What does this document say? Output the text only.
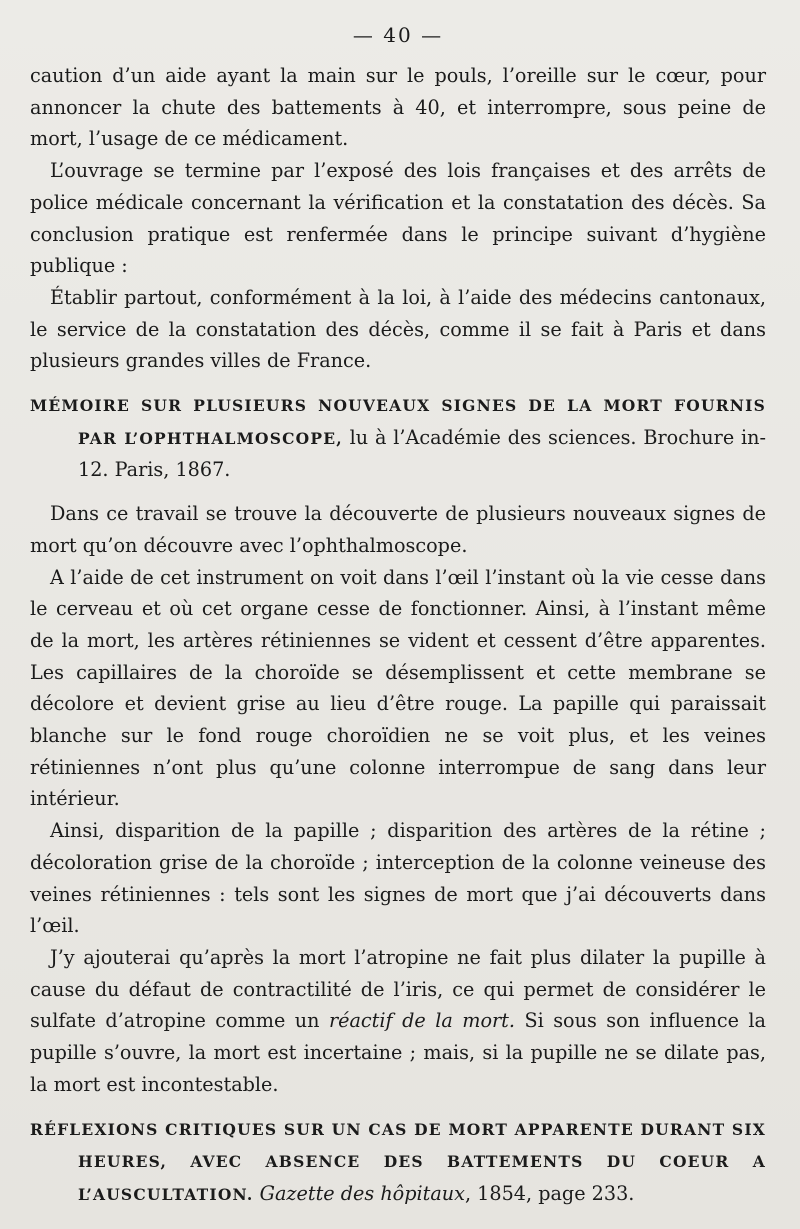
— 40 —

caution d’un aide ayant la main sur le pouls, l’oreille sur le cœur, pour annoncer la chute des battements à 40, et interrompre, sous peine de mort, l’usage de ce médicament.

L’ouvrage se termine par l’exposé des lois françaises et des arrêts de police médicale concernant la vérification et la constatation des décès. Sa conclusion pratique est renfermée dans le principe suivant d’hygiène publique :

Établir partout, conformément à la loi, à l’aide des médecins cantonaux, le service de la constatation des décès, comme il se fait à Paris et dans plusieurs grandes villes de France.

MÉMOIRE SUR PLUSIEURS NOUVEAUX SIGNES DE LA MORT FOURNIS PAR L’OPHTHALMOSCOPE, lu à l’Académie des sciences. Brochure in-12. Paris, 1867.

Dans ce travail se trouve la découverte de plusieurs nouveaux signes de mort qu’on découvre avec l’ophthalmoscope.

A l’aide de cet instrument on voit dans l’œil l’instant où la vie cesse dans le cerveau et où cet organe cesse de fonctionner. Ainsi, à l’instant même de la mort, les artères rétiniennes se vident et cessent d’être apparentes. Les capillaires de la choroïde se désemplissent et cette membrane se décolore et devient grise au lieu d’être rouge. La papille qui paraissait blanche sur le fond rouge choroïdien ne se voit plus, et les veines rétiniennes n’ont plus qu’une colonne interrompue de sang dans leur intérieur.

Ainsi, disparition de la papille ; disparition des artères de la rétine ; décoloration grise de la choroïde ; interception de la colonne veineuse des veines rétiniennes : tels sont les signes de mort que j’ai découverts dans l’œil.

J’y ajouterai qu’après la mort l’atropine ne fait plus dilater la pupille à cause du défaut de contractilité de l’iris, ce qui permet de considérer le sulfate d’atropine comme un réactif de la mort. Si sous son influence la pupille s’ouvre, la mort est incertaine ; mais, si la pupille ne se dilate pas, la mort est incontestable.

RÉFLEXIONS CRITIQUES SUR UN CAS DE MORT APPARENTE DURANT SIX HEURES, AVEC ABSENCE DES BATTEMENTS DU COEUR A L’AUSCULTATION. Gazette des hôpitaux, 1854, page 233.
